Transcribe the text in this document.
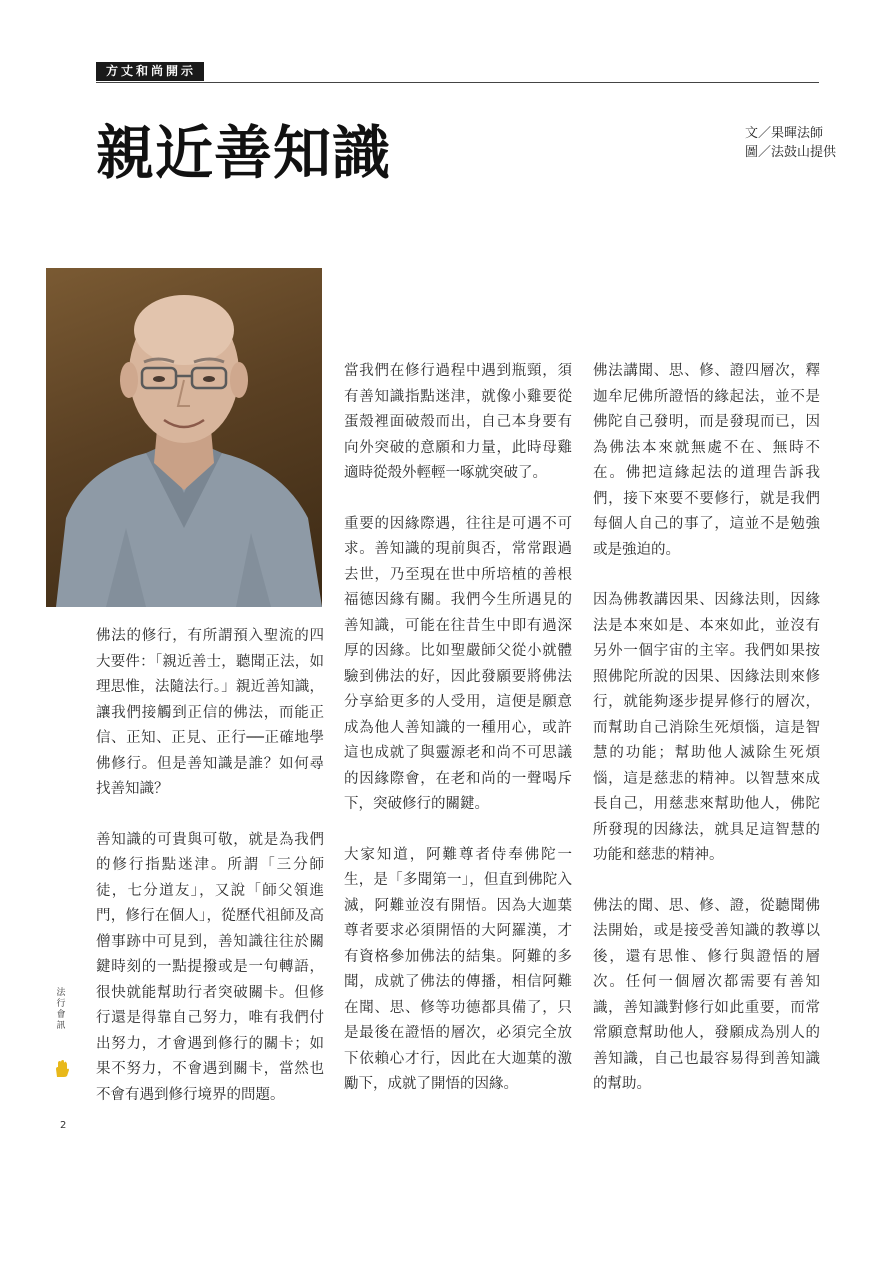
方丈和尚開示
親近善知識	文／果暉法師
圖／法鼓山提供

佛法的修行，有所謂預入聖流的四大要件：「親近善士，聽聞正法，如理思惟，法隨法行。」親近善知識，讓我們接觸到正信的佛法，而能正信、正知、正見、正行──正確地學佛修行。但是善知識是誰？如何尋找善知識？

善知識的可貴與可敬，就是為我們的修行指點迷津。所謂「三分師徒，七分道友」，又說「師父領進門，修行在個人」，從歷代祖師及高僧事跡中可見到，善知識往往於關鍵時刻的一點提撥或是一句轉語，很快就能幫助行者突破關卡。但修行還是得靠自己努力，唯有我們付出努力，才會遇到修行的關卡；如果不努力，不會遇到關卡，當然也不會有遇到修行境界的問題。

當我們在修行過程中遇到瓶頸，須有善知識指點迷津，就像小雞要從蛋殼裡面破殼而出，自己本身要有向外突破的意願和力量，此時母雞適時從殼外輕輕一啄就突破了。

重要的因緣際遇，往往是可遇不可求。善知識的現前與否，常常跟過去世，乃至現在世中所培植的善根福德因緣有關。我們今生所遇見的善知識，可能在往昔生中即有過深厚的因緣。比如聖嚴師父從小就體驗到佛法的好，因此發願要將佛法分享給更多的人受用，這便是願意成為他人善知識的一種用心，或許這也成就了與靈源老和尚不可思議的因緣際會，在老和尚的一聲喝斥下，突破修行的關鍵。

大家知道，阿難尊者侍奉佛陀一生，是「多聞第一」，但直到佛陀入滅，阿難並沒有開悟。因為大迦葉尊者要求必須開悟的大阿羅漢，才有資格參加佛法的結集。阿難的多聞，成就了佛法的傳播，相信阿難在聞、思、修等功德都具備了，只是最後在證悟的層次，必須完全放下依賴心才行，因此在大迦葉的激勵下，成就了開悟的因緣。

佛法講聞、思、修、證四層次，釋迦牟尼佛所證悟的緣起法，並不是佛陀自己發明，而是發現而已，因為佛法本來就無處不在、無時不在。佛把這緣起法的道理告訴我們，接下來要不要修行，就是我們每個人自己的事了，這並不是勉強或是強迫的。

因為佛教講因果、因緣法則，因緣法是本來如是、本來如此，並沒有另外一個宇宙的主宰。我們如果按照佛陀所說的因果、因緣法則來修行，就能夠逐步提昇修行的層次，而幫助自己消除生死煩惱，這是智慧的功能；幫助他人滅除生死煩惱，這是慈悲的精神。以智慧來成長自己，用慈悲來幫助他人，佛陀所發現的因緣法，就具足這智慧的功能和慈悲的精神。

佛法的聞、思、修、證，從聽聞佛法開始，或是接受善知識的教導以後，還有思惟、修行與證悟的層次。任何一個層次都需要有善知識，善知識對修行如此重要，而常常願意幫助他人，發願成為別人的善知識，自己也最容易得到善知識的幫助。

法行會訊
2
